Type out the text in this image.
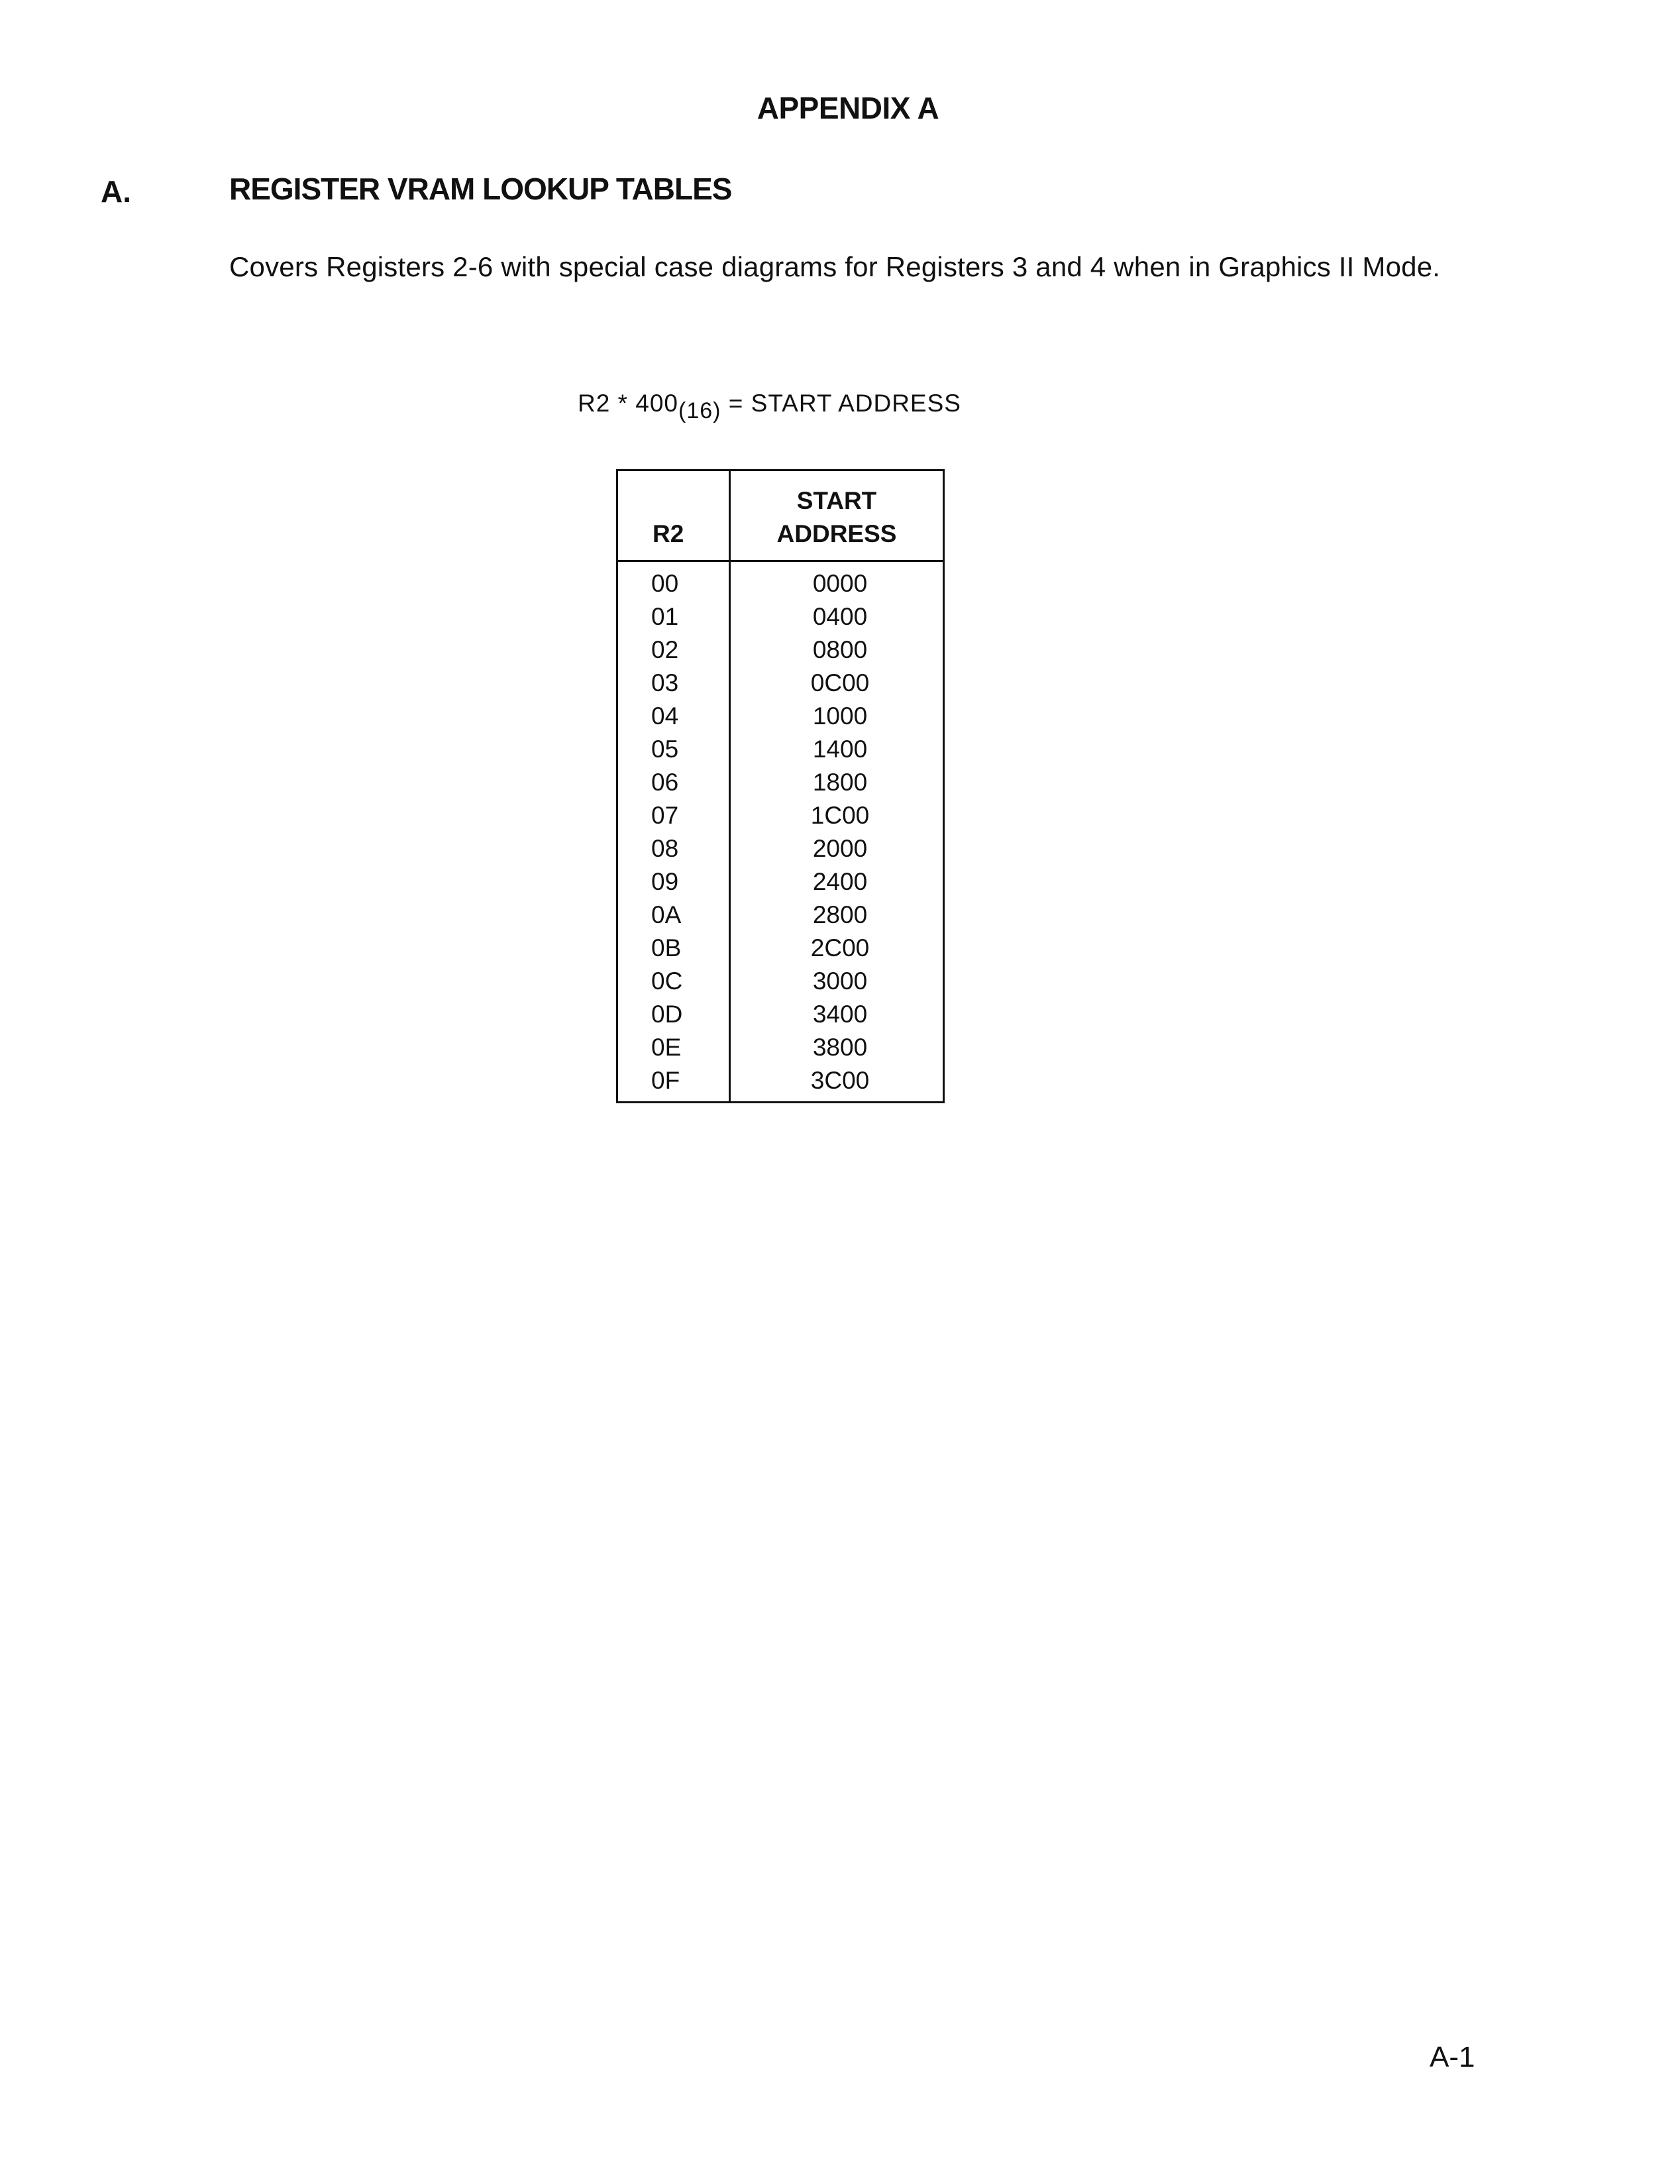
APPENDIX A
A.	REGISTER VRAM LOOKUP TABLES

Covers Registers 2-6 with special case diagrams for Registers 3 and 4 when in Graphics II Mode.

R2 * 400(16) = START ADDRESS
R2	START
ADDRESS
00	0000
01	0400
02	0800
03	0C00
04	1000
05	1400
06	1800
07	1C00
08	2000
09	2400
0A	2800
0B	2C00
0C	3000
0D	3400
0E	3800
0F	3C00
A-1
